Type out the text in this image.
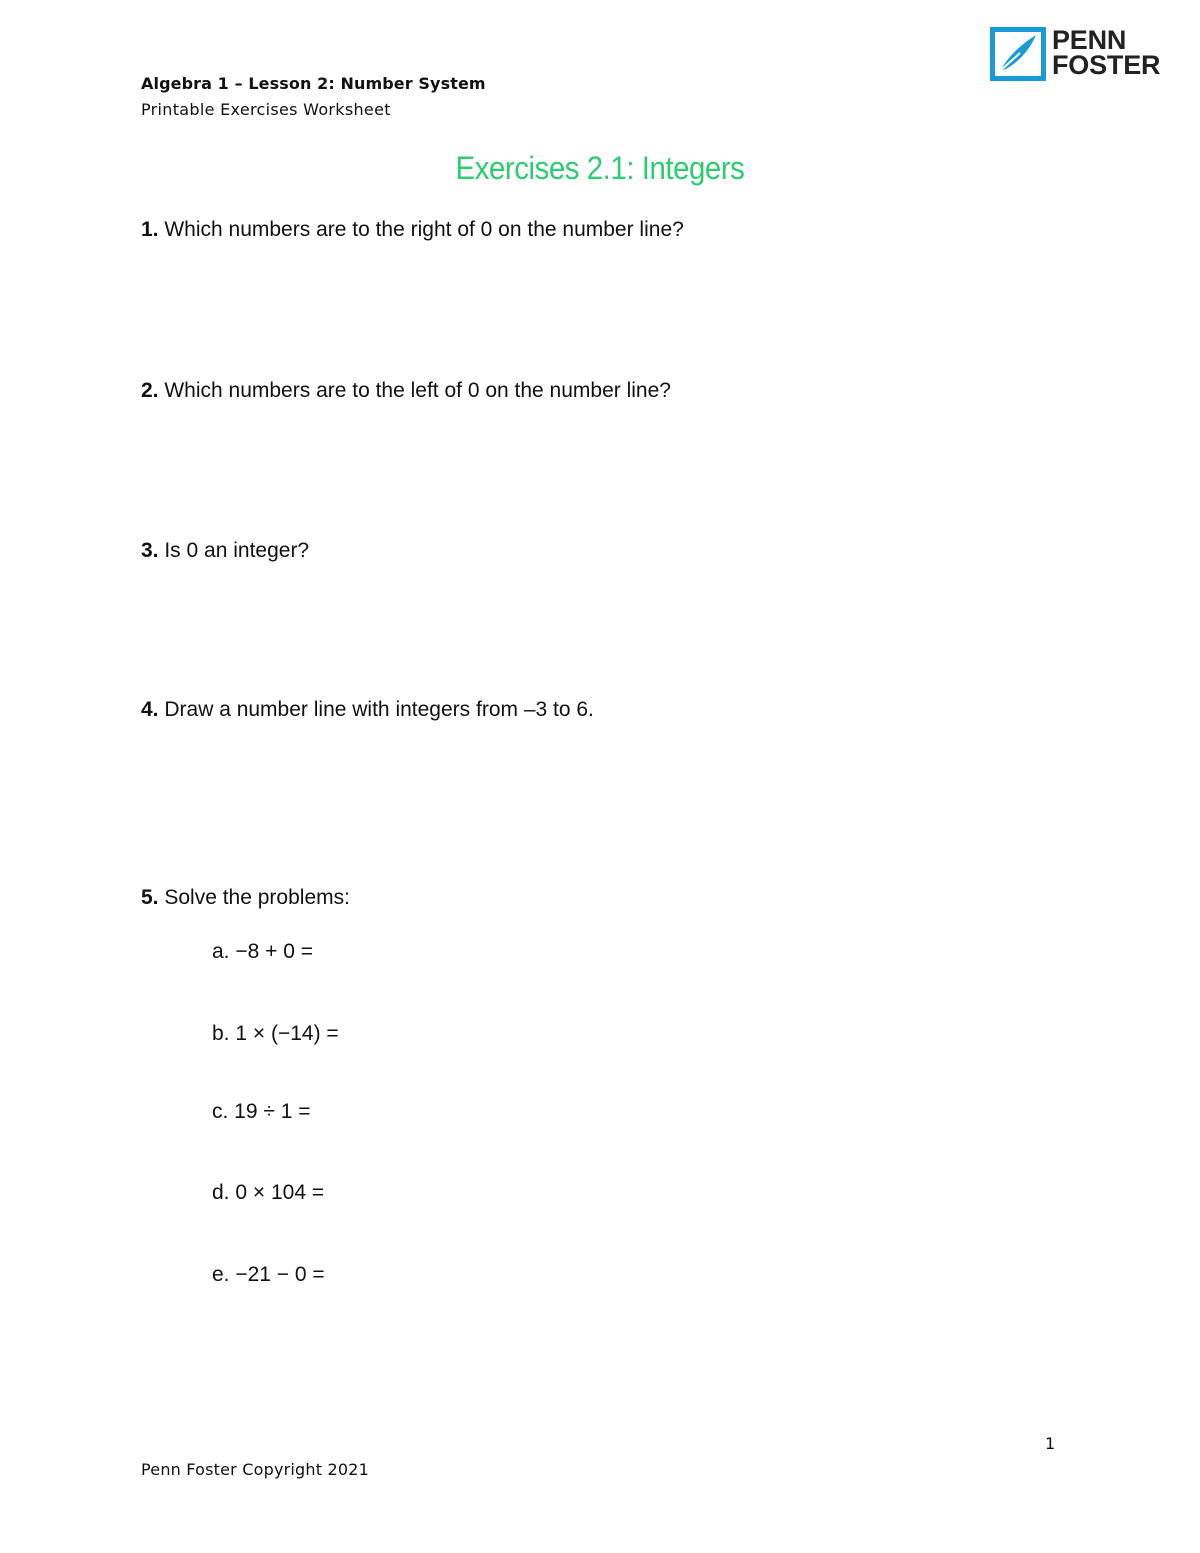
Algebra 1 – Lesson 2: Number System
Printable Exercises Worksheet
PENN
FOSTER
Exercises 2.1: Integers
1. Which numbers are to the right of 0 on the number line?
2. Which numbers are to the left of 0 on the number line?
3. Is 0 an integer?
4. Draw a number line with integers from –3 to 6.
5. Solve the problems:
a. −8 + 0 =
b. 1 × (−14) =
c. 19 ÷ 1 =
d. 0 × 104 =
e. −21 − 0 =
1
Penn Foster Copyright 2021
